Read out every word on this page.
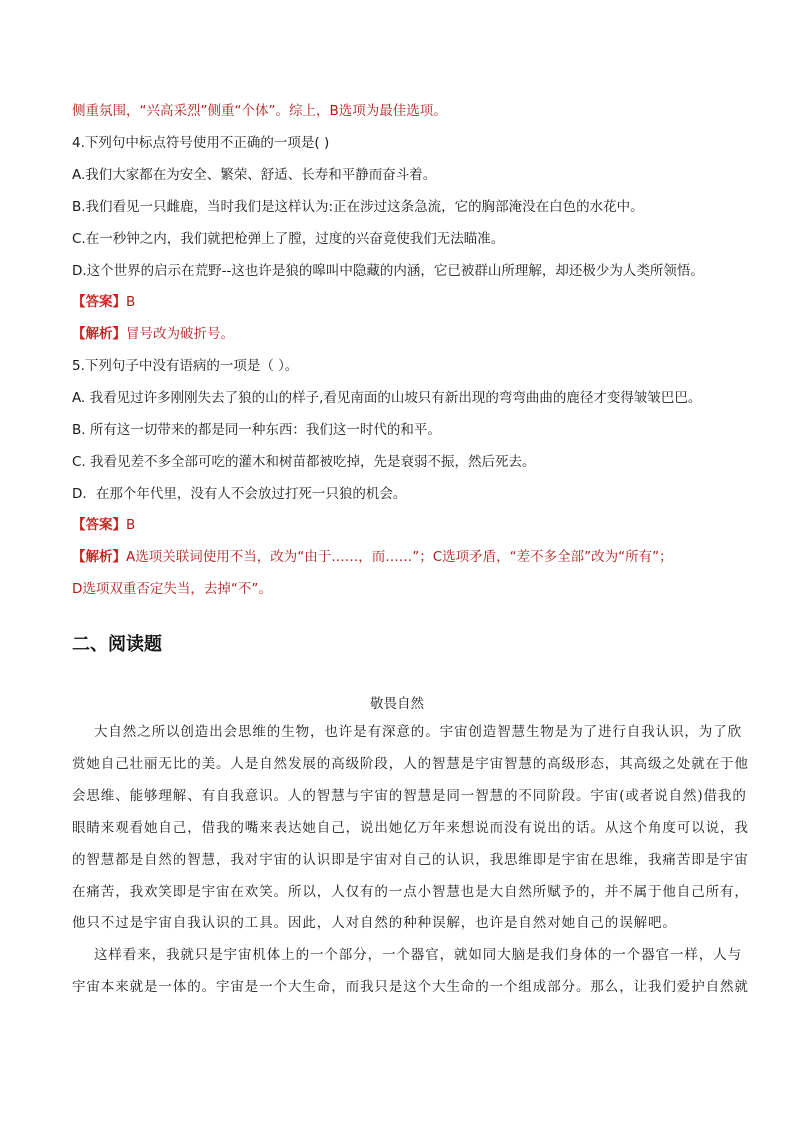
侧重氛围，“兴高采烈”侧重“个体”。综上，B选项为最佳选项。
4.下列句中标点符号使用不正确的一项是( )
A.我们大家都在为安全、繁荣、舒适、长寿和平静而奋斗着。
B.我们看见一只雌鹿，当时我们是这样认为:正在涉过这条急流，它的胸部淹没在白色的水花中。
C.在一秒钟之内，我们就把枪弹上了膛，过度的兴奋竟使我们无法瞄准。
D.这个世界的启示在荒野--这也许是狼的嗥叫中隐藏的内涵，它已被群山所理解，却还极少为人类所领悟。
【答案】B
【解析】冒号改为破折号。
5.下列句子中没有语病的一项是（ ）。
A. 我看见过许多刚刚失去了狼的山的样子,看见南面的山坡只有新出现的弯弯曲曲的鹿径才变得皱皱巴巴。
B. 所有这一切带来的都是同一种东西：我们这一时代的和平。
C. 我看见差不多全部可吃的灌木和树苗都被吃掉，先是衰弱不振，然后死去。
D．在那个年代里，没有人不会放过打死一只狼的机会。
【答案】B
【解析】A选项关联词使用不当，改为“由于……，而……”；C选项矛盾，“差不多全部”改为“所有”；
D选项双重否定失当，去掉“不”。
二、阅读题
敬畏自然
大自然之所以创造出会思维的生物，也许是有深意的。宇宙创造智慧生物是为了进行自我认识，为了欣
赏她自己壮丽无比的美。人是自然发展的高级阶段，人的智慧是宇宙智慧的高级形态，其高级之处就在于他
会思维、能够理解、有自我意识。人的智慧与宇宙的智慧是同一智慧的不同阶段。宇宙(或者说自然)借我的
眼睛来观看她自己，借我的嘴来表达她自己，说出她亿万年来想说而没有说出的话。从这个角度可以说，我
的智慧都是自然的智慧，我对宇宙的认识即是宇宙对自己的认识，我思维即是宇宙在思维，我痛苦即是宇宙
在痛苦，我欢笑即是宇宙在欢笑。所以，人仅有的一点小智慧也是大自然所赋予的，并不属于他自己所有，
他只不过是宇宙自我认识的工具。因此，人对自然的种种误解，也许是自然对她自己的误解吧。
这样看来，我就只是宇宙机体上的一个部分，一个器官，就如同大脑是我们身体的一个器官一样，人与
宇宙本来就是一体的。宇宙是一个大生命，而我只是这个大生命的一个组成部分。那么，让我们爱护自然就
